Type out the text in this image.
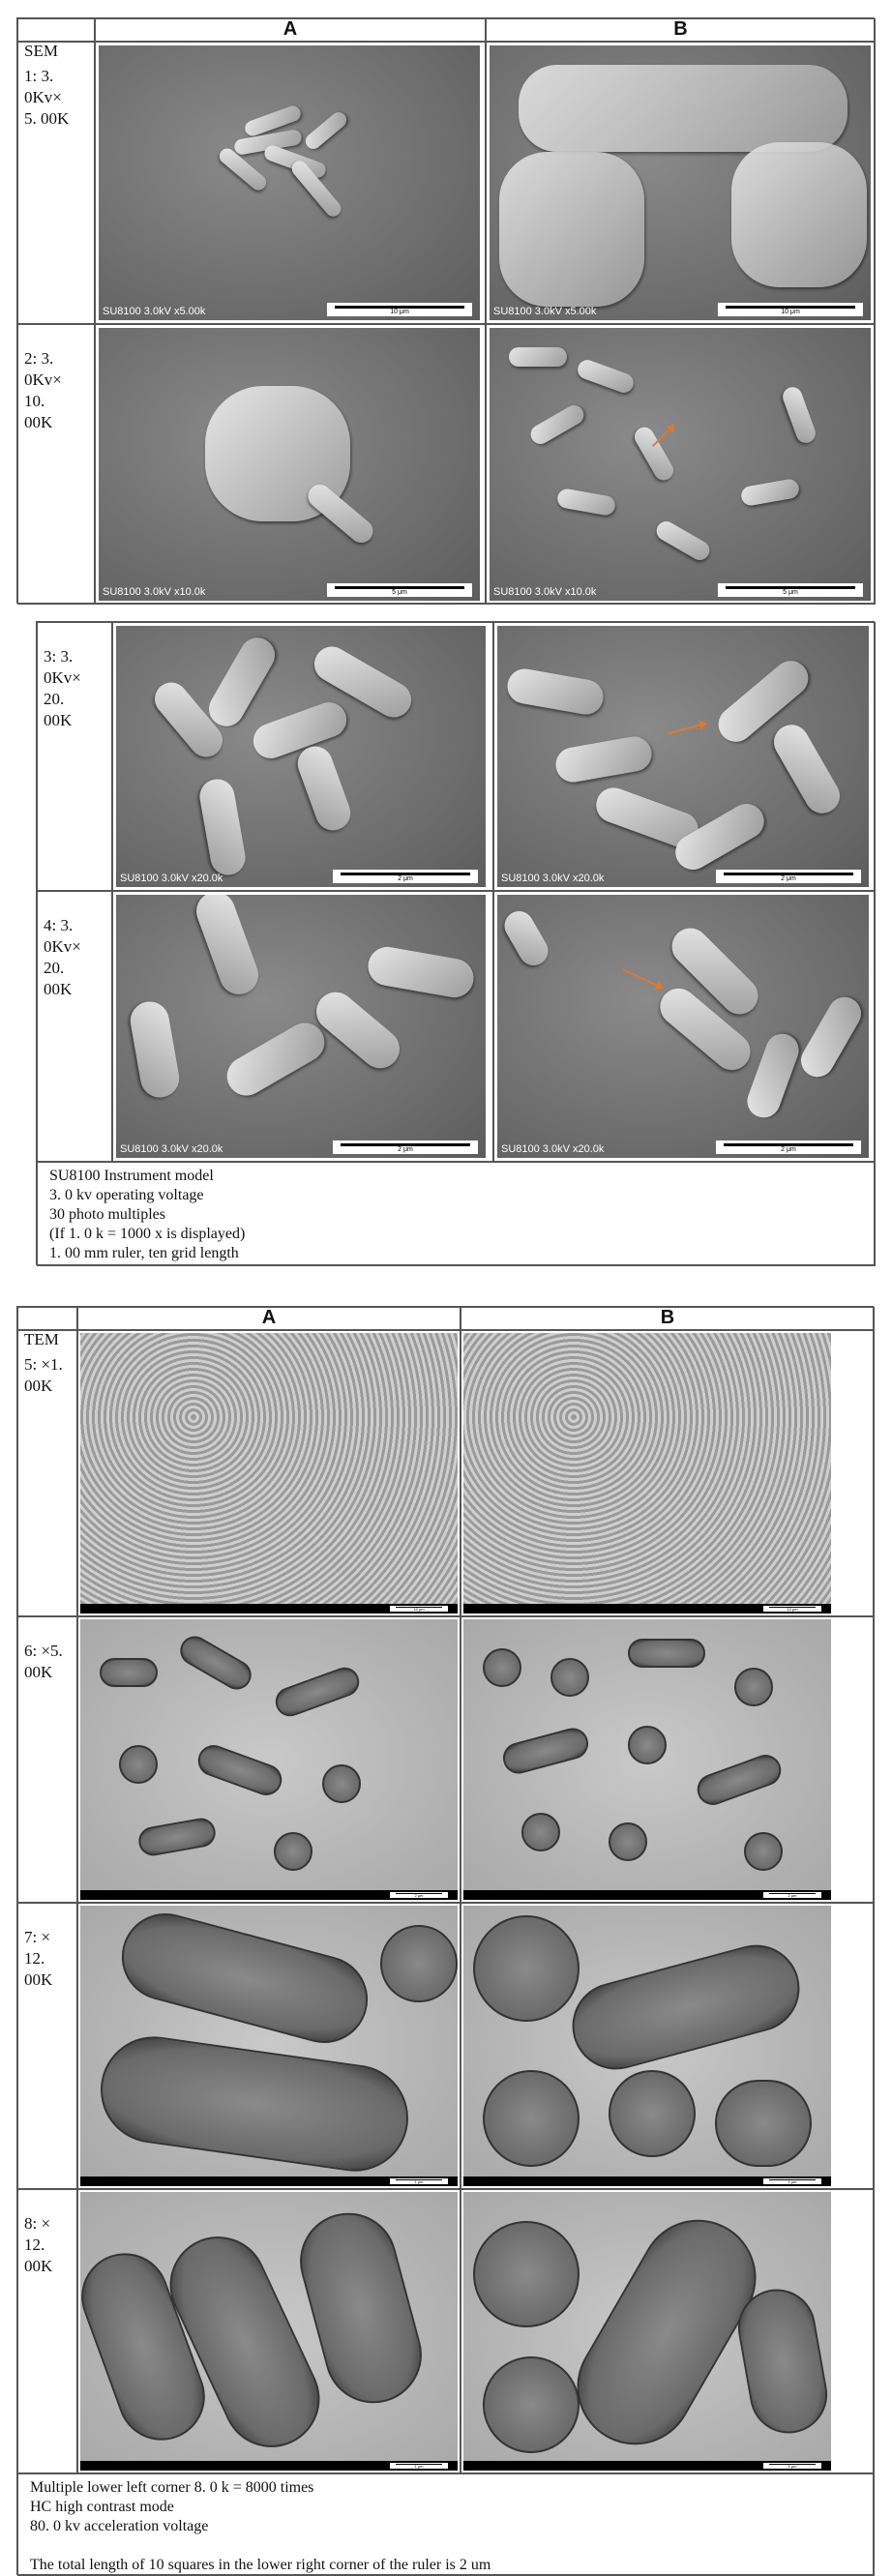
SEM

A	B

1: 3.
0Kv×
5. 00K

SU8100 3.0kV x5.00k	10 μm	SU8100 3.0kV x5.00k	10 μm

2: 3.
0Kv×
10.
00K

SU8100 3.0kV x10.0k	5 μm	SU8100 3.0kV x10.0k	5 μm

3: 3.
0Kv×
20.
00K

SU8100 3.0kV x20.0k	2 μm	SU8100 3.0kV x20.0k	2 μm

4: 3.
0Kv×
20.
00K

SU8100 3.0kV x20.0k	2 μm	SU8100 3.0kV x20.0k	2 μm
SU8100 Instrument model
3. 0 kv operating voltage
30 photo multiples
(If 1. 0 k = 1000 x is displayed)
1. 00 mm ruler, ten grid length

TEM

A	B

5: ×1.
00K

10 μm	10 μm

6: ×5.
00K

2 μm	2 μm

7: ×
12.
00K

1 μm	1 μm

8: ×
12.
00K

1 μm	1 μm
Multiple lower left corner 8. 0 k = 8000 times
HC high contrast mode
80. 0 kv acceleration voltage
The total length of 10 squares in the lower right corner of the ruler is 2 um
